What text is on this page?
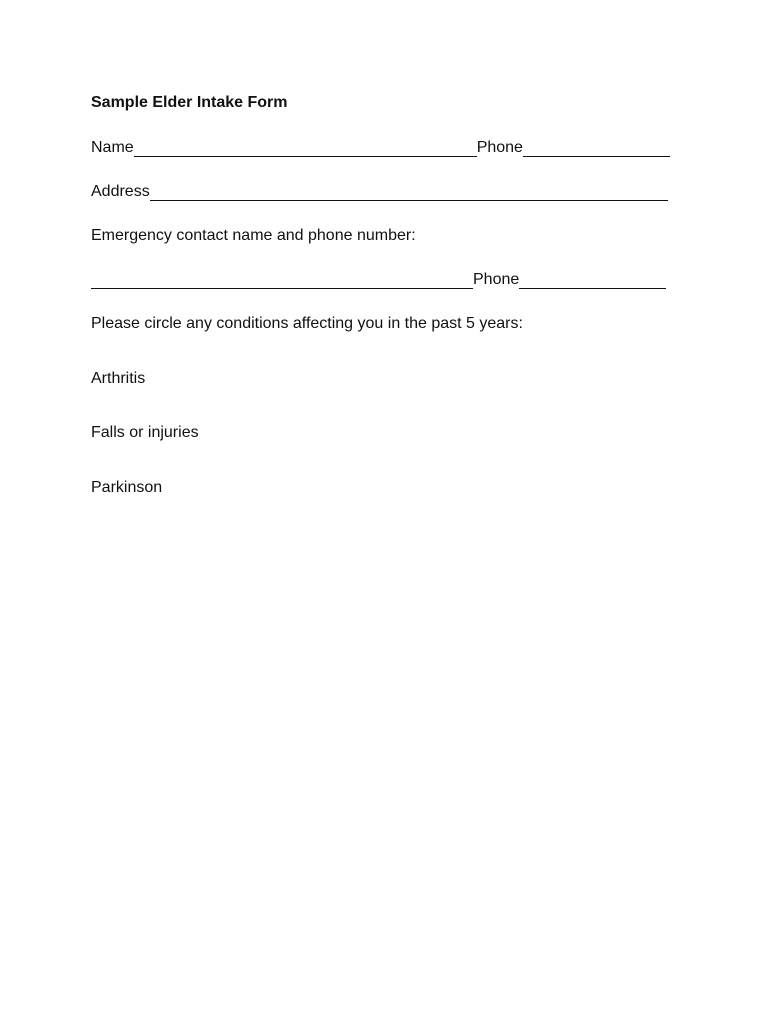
Sample Elder Intake Form
Name	Phone
Address

Emergency contact name and phone number:

Phone

Please circle any conditions affecting you in the past 5 years:

Arthritis

Falls or injuries

Parkinson
